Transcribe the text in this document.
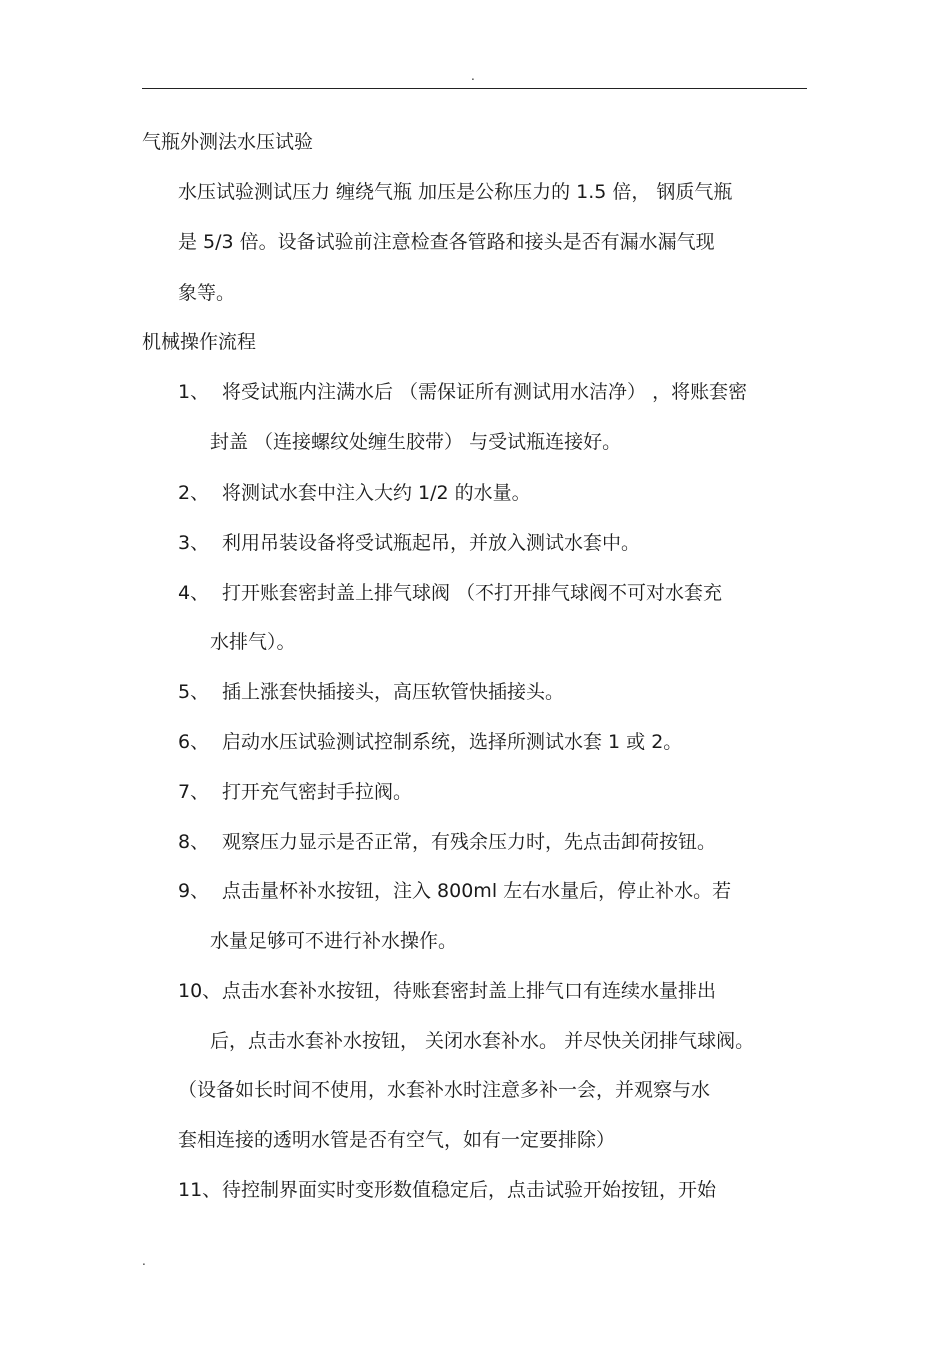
.
气瓶外测法水压试验
水压试验测试压力 缠绕气瓶 加压是公称压力的 1.5 倍， 钢质气瓶
是 5/3 倍。设备试验前注意检查各管路和接头是否有漏水漏气现
象等。
机械操作流程
1、 将受试瓶内注满水后 （需保证所有测试用水洁净） ，将账套密
封盖 （连接螺纹处缠生胶带） 与受试瓶连接好。
2、 将测试水套中注入大约 1/2 的水量。
3、 利用吊装设备将受试瓶起吊，并放入测试水套中。
4、 打开账套密封盖上排气球阀 （不打开排气球阀不可对水套充
水排气）。
5、 插上涨套快插接头，高压软管快插接头。
6、 启动水压试验测试控制系统，选择所测试水套 1 或 2。
7、 打开充气密封手拉阀。
8、 观察压力显示是否正常，有残余压力时，先点击卸荷按钮。
9、 点击量杯补水按钮，注入 800ml 左右水量后，停止补水。若
水量足够可不进行补水操作。
10、 点击水套补水按钮，待账套密封盖上排气口有连续水量排出
后，点击水套补水按钮， 关闭水套补水。 并尽快关闭排气球阀。
（设备如长时间不使用，水套补水时注意多补一会，并观察与水
套相连接的透明水管是否有空气，如有一定要排除）
11、 待控制界面实时变形数值稳定后，点击试验开始按钮，开始
.
